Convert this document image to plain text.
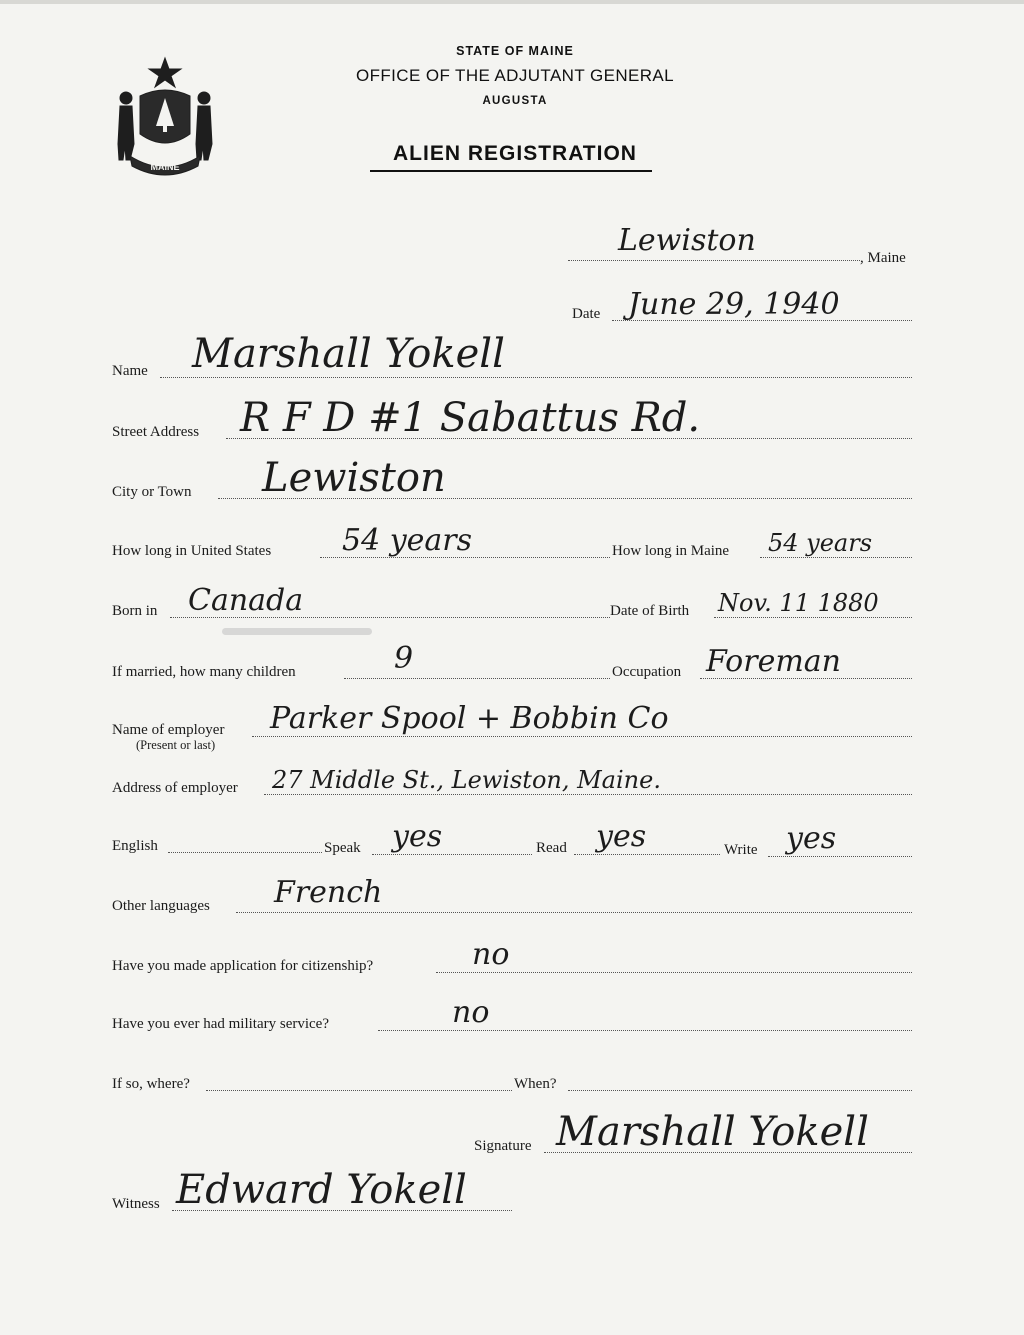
MAINE
STATE OF MAINE
OFFICE OF THE ADJUTANT GENERAL
AUGUSTA
ALIEN REGISTRATION
Lewiston	, Maine
Date June 29, 1940
Name Marshall Yokell
Street Address R F D #1 Sabattus Rd.
City or Town Lewiston
How long in United States 54 years	How long in Maine 54 years
Born in Canada	Date of Birth Nov. 11 1880
If married, how many children	9	Occupation Foreman
Name of employer
(Present or last)
Parker Spool + Bobbin Co
Address of employer 27 Middle St., Lewiston, Maine.
English	Speak yes	Read yes	Write yes
Other languages French
Have you made application for citizenship?	no
Have you ever had military service?	no
If so, where?	When?
Signature Marshall Yokell
Witness Edward Yokell
